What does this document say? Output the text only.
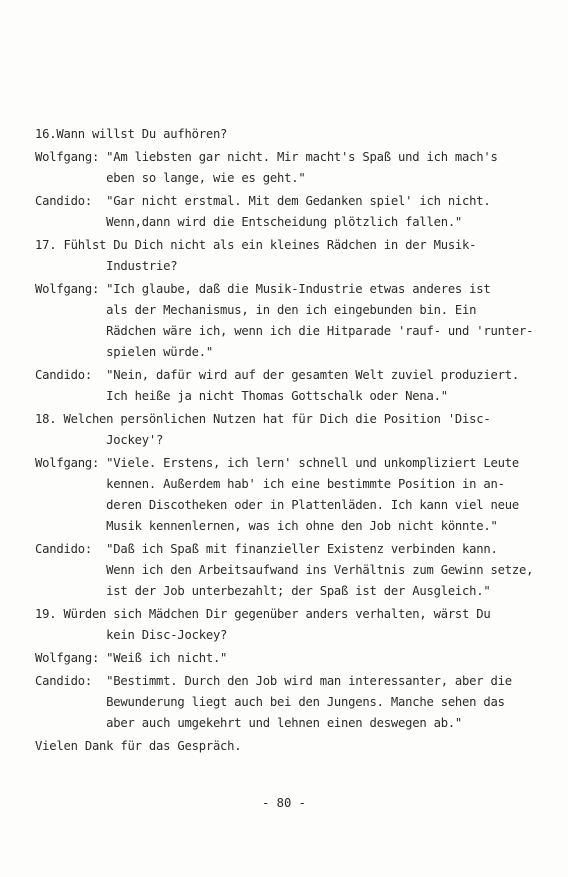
16.Wann willst Du aufhören?
Wolfgang: "Am liebsten gar nicht. Mir macht's Spaß und ich mach's
eben so lange, wie es geht."
Candido:  "Gar nicht erstmal. Mit dem Gedanken spiel' ich nicht.
Wenn,dann wird die Entscheidung plötzlich fallen."
17. Fühlst Du Dich nicht als ein kleines Rädchen in der Musik-
Industrie?
Wolfgang: "Ich glaube, daß die Musik-Industrie etwas anderes ist
als der Mechanismus, in den ich eingebunden bin. Ein
Rädchen wäre ich, wenn ich die Hitparade 'rauf- und 'runter-
spielen würde."
Candido:  "Nein, dafür wird auf der gesamten Welt zuviel produziert.
Ich heiße ja nicht Thomas Gottschalk oder Nena."
18. Welchen persönlichen Nutzen hat für Dich die Position 'Disc-
Jockey'?
Wolfgang: "Viele. Erstens, ich lern' schnell und unkompliziert Leute
kennen. Außerdem hab' ich eine bestimmte Position in an-
deren Discotheken oder in Plattenläden. Ich kann viel neue
Musik kennenlernen, was ich ohne den Job nicht könnte."
Candido:  "Daß ich Spaß mit finanzieller Existenz verbinden kann.
Wenn ich den Arbeitsaufwand ins Verhältnis zum Gewinn setze,
ist der Job unterbezahlt; der Spaß ist der Ausgleich."
19. Würden sich Mädchen Dir gegenüber anders verhalten, wärst Du
kein Disc-Jockey?
Wolfgang: "Weiß ich nicht."
Candido:  "Bestimmt. Durch den Job wird man interessanter, aber die
Bewunderung liegt auch bei den Jungens. Manche sehen das
aber auch umgekehrt und lehnen einen deswegen ab."
Vielen Dank für das Gespräch.
- 80 -
